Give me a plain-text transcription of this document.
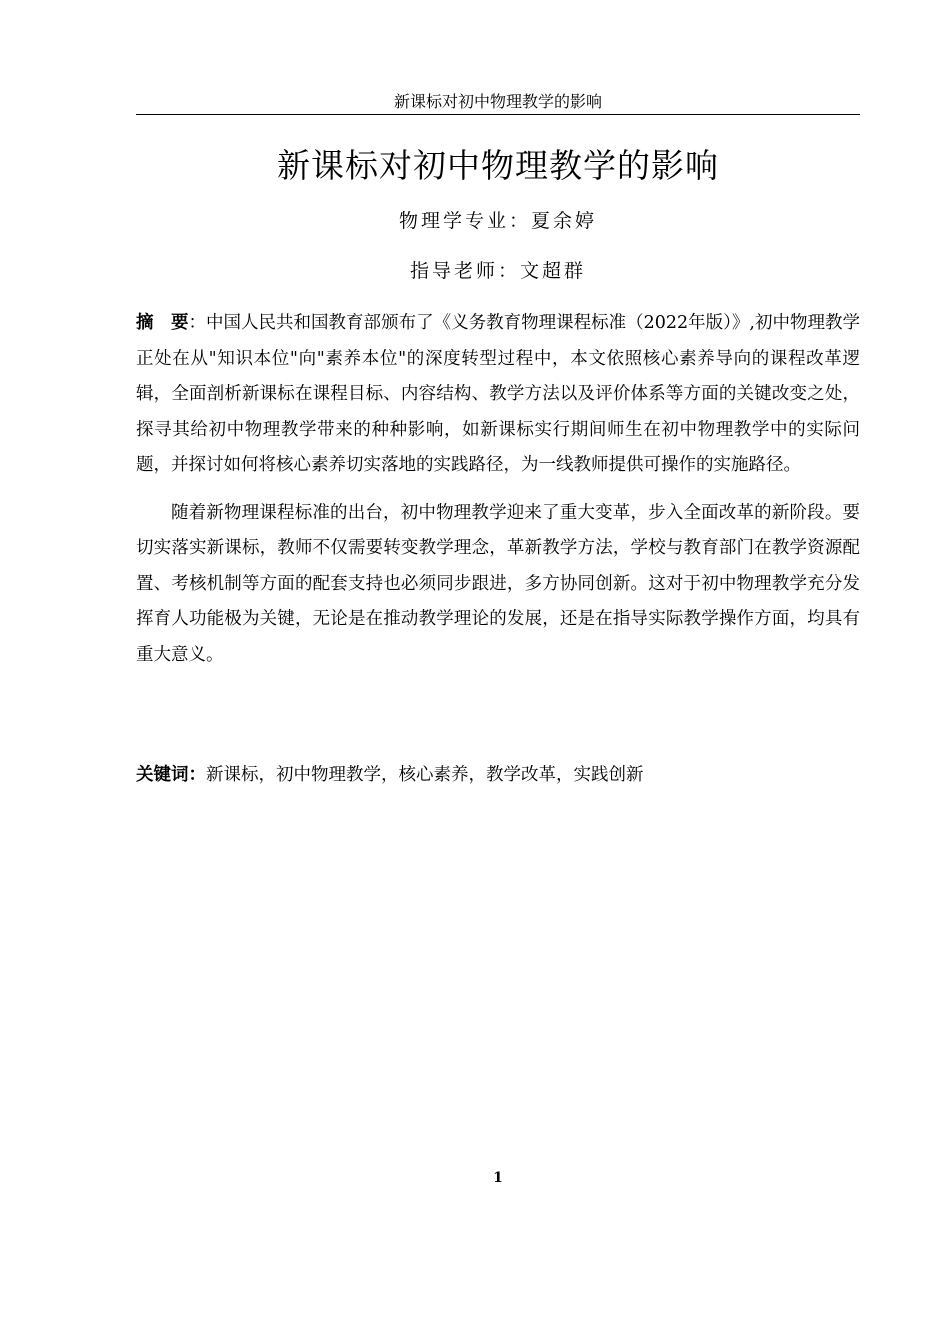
新课标对初中物理教学的影响
新课标对初中物理教学的影响
物理学专业：夏余婷
指导老师：文超群

摘　要：中国人民共和国教育部颁布了《义务教育物理课程标准（2022年版）》,初中物理教学正处在从"知识本位"向"素养本位"的深度转型过程中，本文依照核心素养导向的课程改革逻辑，全面剖析新课标在课程目标、内容结构、教学方法以及评价体系等方面的关键改变之处，探寻其给初中物理教学带来的种种影响，如新课标实行期间师生在初中物理教学中的实际问题，并探讨如何将核心素养切实落地的实践路径，为一线教师提供可操作的实施路径。

随着新物理课程标准的出台，初中物理教学迎来了重大变革，步入全面改革的新阶段。要切实落实新课标，教师不仅需要转变教学理念，革新教学方法，学校与教育部门在教学资源配置、考核机制等方面的配套支持也必须同步跟进，多方协同创新。这对于初中物理教学充分发挥育人功能极为关键，无论是在推动教学理论的发展，还是在指导实际教学操作方面，均具有重大意义。

关键词：新课标，初中物理教学，核心素养，教学改革，实践创新
1
